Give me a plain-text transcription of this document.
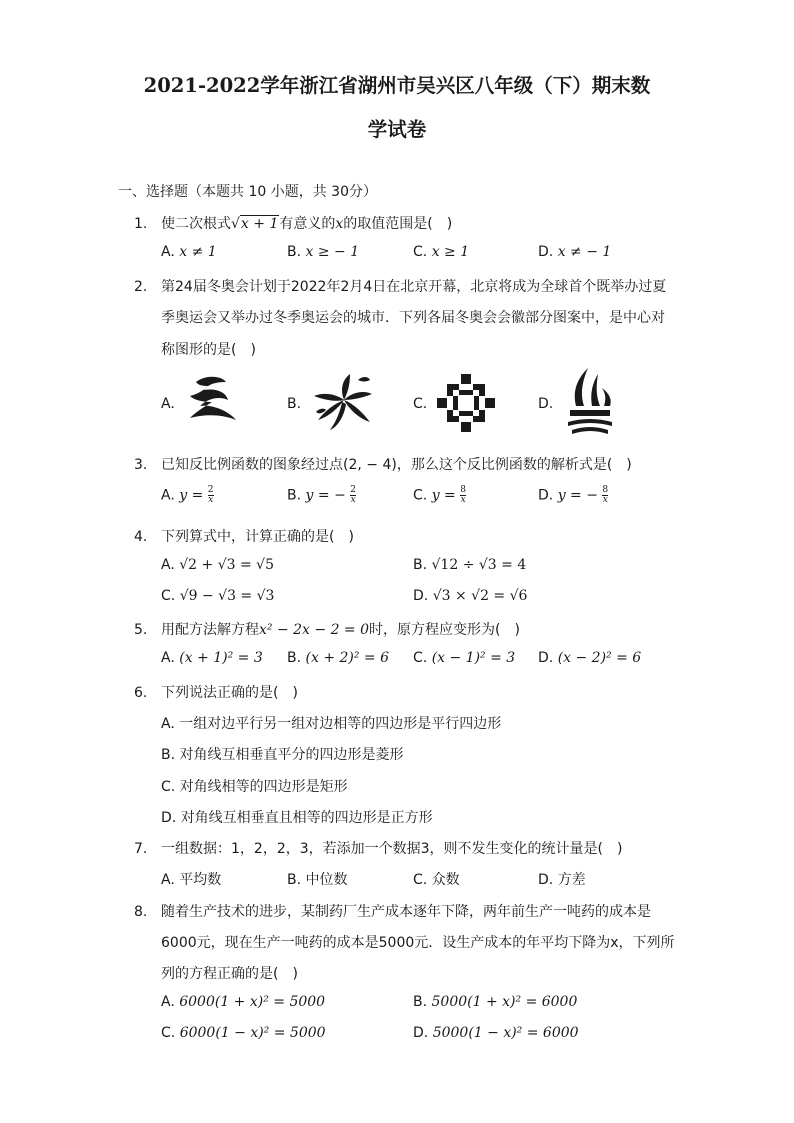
2021-2022学年浙江省湖州市吴兴区八年级（下）期末数
学试卷
一、选择题（本题共 10 小题，共 30分）
1. 使二次根式√x + 1有意义的x的取值范围是(　)
A. x ≠ 1	B. x ≥ − 1	C. x ≥ 1	D. x ≠ − 1
2. 第24届冬奥会计划于2022年2月4日在北京开幕，北京将成为全球首个既举办过夏
季奥运会又举办过冬季奥运会的城市．下列各届冬奥会会徽部分图案中，是中心对
称图形的是(　)
A.	B.	C.	D.
3. 已知反比例函数的图象经过点(2, − 4)，那么这个反比例函数的解析式是(　)
A. $y = \frac{2}{x}$	B. y = − $\frac{2}{x}$	C. $y = \frac{8}{x}$	D. y = − $\frac{8}{x}$
4. 下列算式中，计算正确的是(　)
A. √2 + √3 = √5	B. √12 ÷ √3 = 4
C. √9 − √3 = √3	D. √3 × √2 = √6
5. 用配方法解方程x² − 2x − 2 = 0时，原方程应变形为(　)
A. (x + 1)² = 3 B. (x + 2)² = 6 C. (x − 1)² = 3 D. (x − 2)² = 6
6. 下列说法正确的是(　)
A. 一组对边平行另一组对边相等的四边形是平行四边形
B. 对角线互相垂直平分的四边形是菱形
C. 对角线相等的四边形是矩形
D. 对角线互相垂直且相等的四边形是正方形
7. 一组数据：1，2，2，3，若添加一个数据3，则不发生变化的统计量是(　)
A. 平均数	B. 中位数	C. 众数	D. 方差
8. 随着生产技术的进步，某制药厂生产成本逐年下降，两年前生产一吨药的成本是
6000元，现在生产一吨药的成本是5000元．设生产成本的年平均下降为x，下列所
列的方程正确的是(　)
A. 6000(1 + x)² = 5000	B. 5000(1 + x)² = 6000
C. 6000(1 − x)² = 5000	D. 5000(1 − x)² = 6000
